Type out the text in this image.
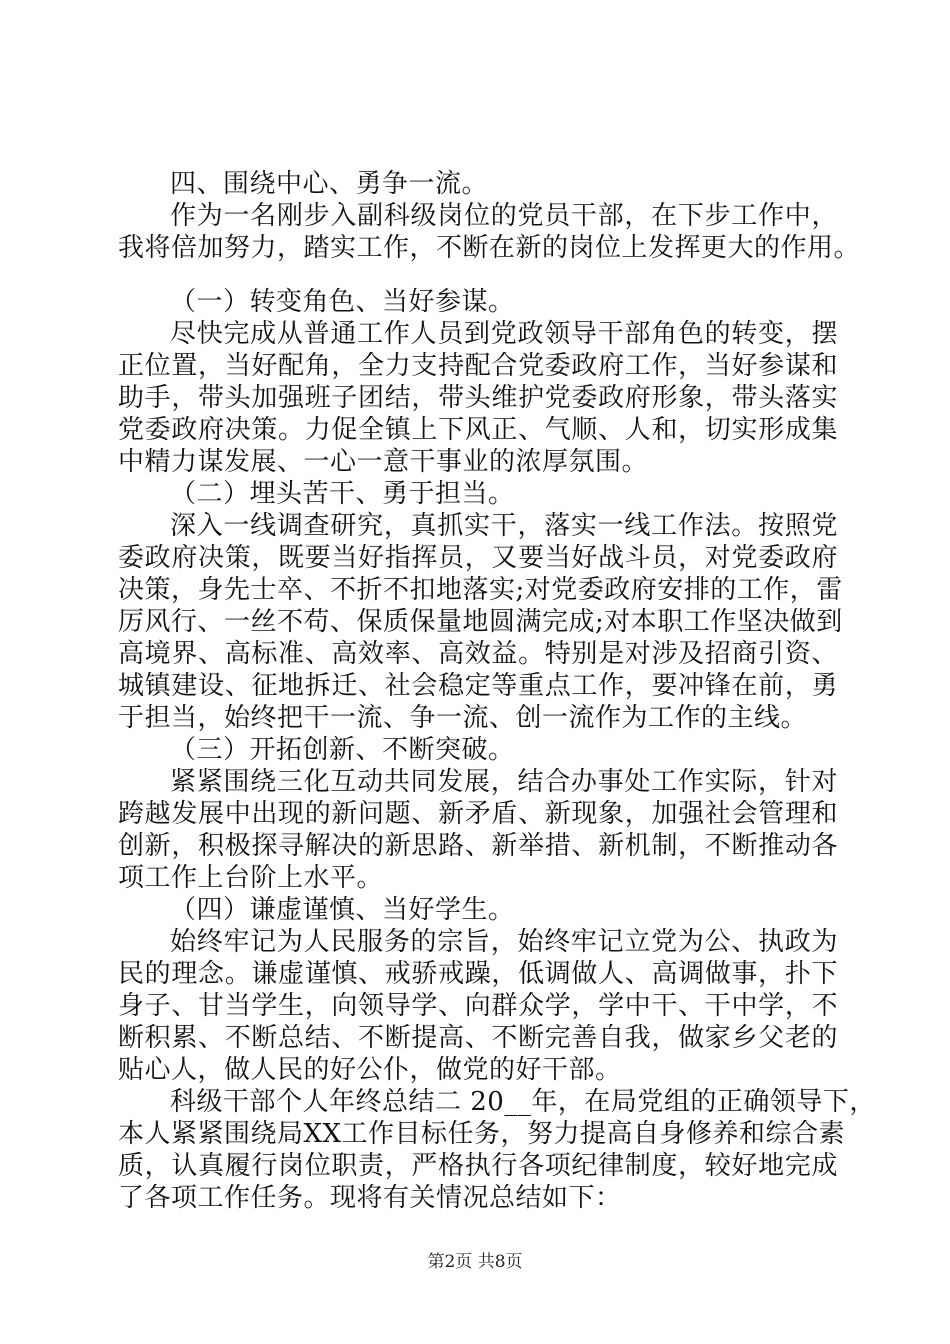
四、围绕中心、勇争一流。
作为一名刚步入副科级岗位的党员干部，在下步工作中，
我将倍加努力，踏实工作，不断在新的岗位上发挥更大的作用。
（一）转变角色、当好参谋。
尽快完成从普通工作人员到党政领导干部角色的转变，摆
正位置，当好配角，全力支持配合党委政府工作，当好参谋和
助手，带头加强班子团结，带头维护党委政府形象，带头落实
党委政府决策。力促全镇上下风正、气顺、人和，切实形成集
中精力谋发展、一心一意干事业的浓厚氛围。
（二）埋头苦干、勇于担当。
深入一线调查研究，真抓实干，落实一线工作法。按照党
委政府决策，既要当好指挥员，又要当好战斗员，对党委政府
决策，身先士卒、不折不扣地落实;对党委政府安排的工作，雷
厉风行、一丝不苟、保质保量地圆满完成;对本职工作坚决做到
高境界、高标准、高效率、高效益。特别是对涉及招商引资、
城镇建设、征地拆迁、社会稳定等重点工作，要冲锋在前，勇
于担当，始终把干一流、争一流、创一流作为工作的主线。
（三）开拓创新、不断突破。
紧紧围绕三化互动共同发展，结合办事处工作实际，针对
跨越发展中出现的新问题、新矛盾、新现象，加强社会管理和
创新，积极探寻解决的新思路、新举措、新机制，不断推动各
项工作上台阶上水平。
（四）谦虚谨慎、当好学生。
始终牢记为人民服务的宗旨，始终牢记立党为公、执政为
民的理念。谦虚谨慎、戒骄戒躁，低调做人、高调做事，扑下
身子、甘当学生，向领导学、向群众学，学中干、干中学，不
断积累、不断总结、不断提高、不断完善自我，做家乡父老的
贴心人，做人民的好公仆，做党的好干部。
科级干部个人年终总结二 20__年，在局党组的正确领导下，
本人紧紧围绕局XX工作目标任务，努力提高自身修养和综合素
质，认真履行岗位职责，严格执行各项纪律制度，较好地完成
了各项工作任务。现将有关情况总结如下：
第2页 共8页
